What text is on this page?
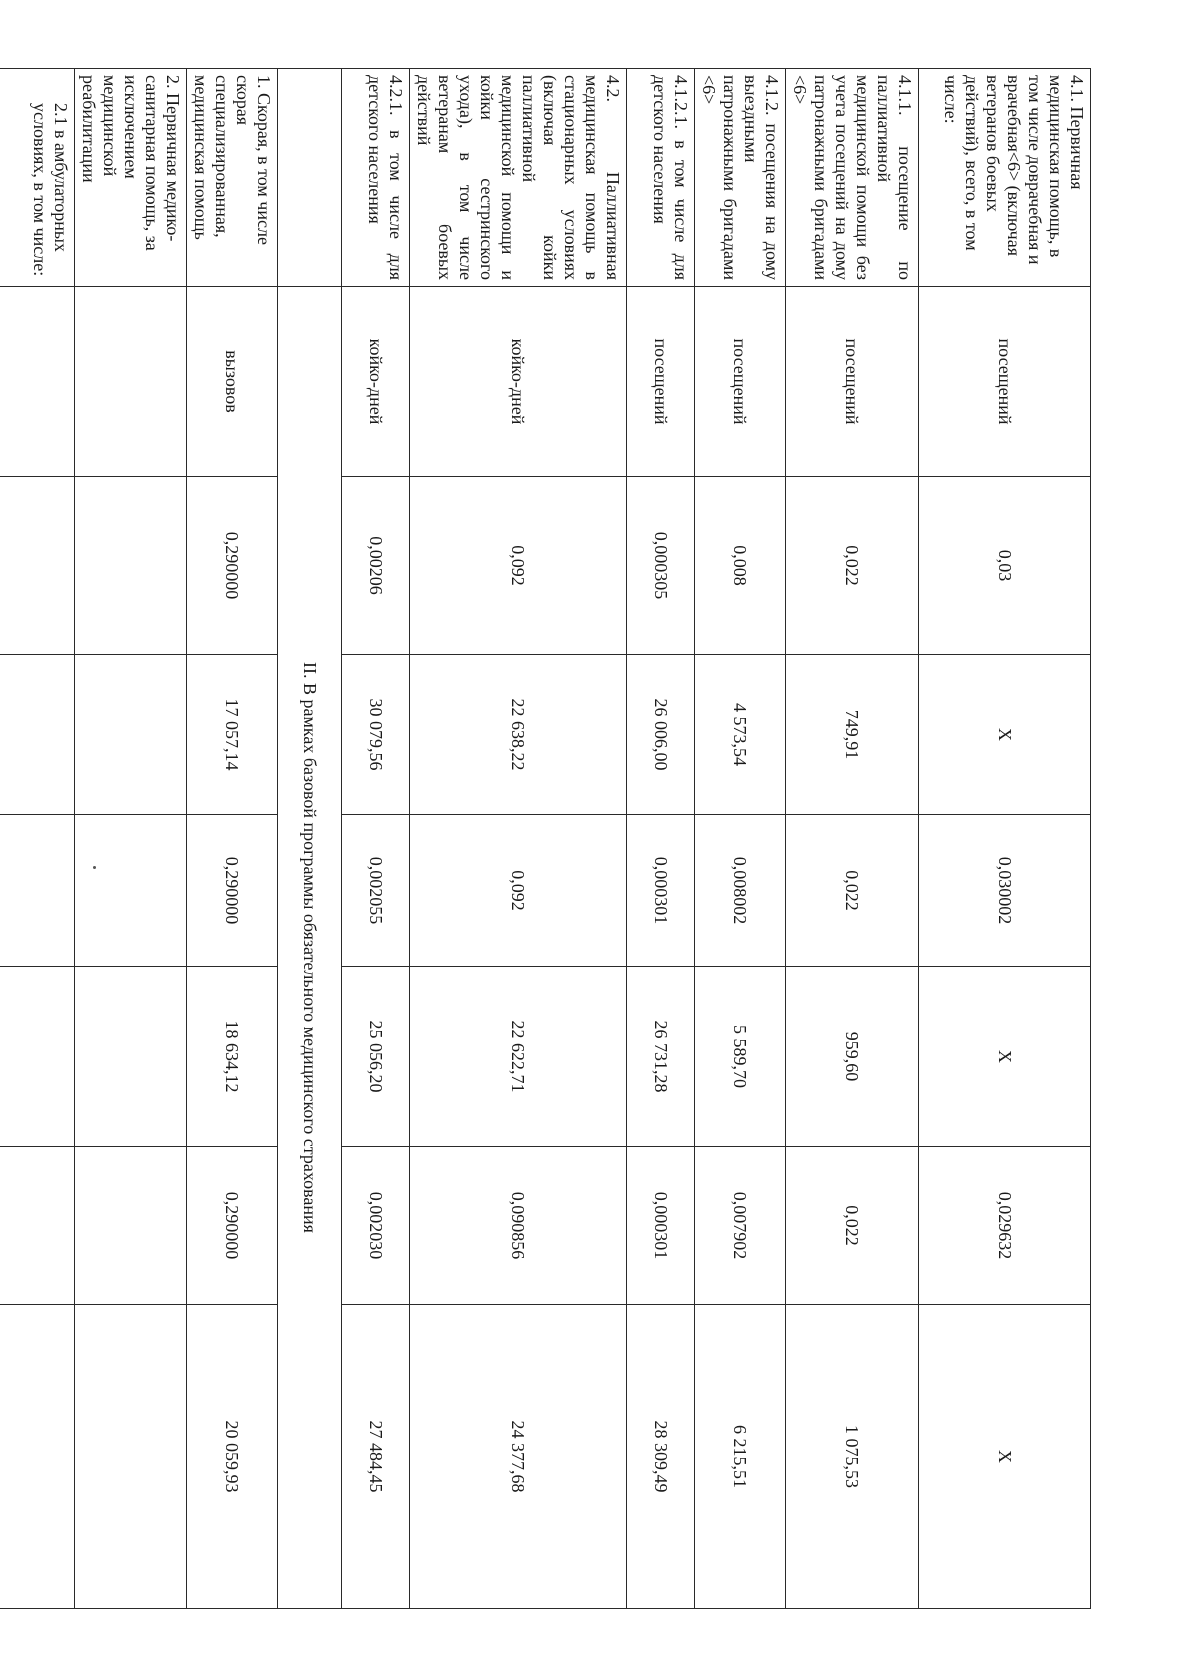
4.1. Первичная медицинская помощь, в том числе доврачебная и врачебная<6> (включая ветеранов боевых действий), всего, в том числе:	посещений	0,03	X	0,030002	X	0,029632	X
4.1.1. посещение по паллиативной медицинской помощи без учета посещений на дому патронажными бригадами <6>	посещений	0,022	749,91	0,022	959,60	0,022	1 075,53
4.1.2. посещения на дому выездными патронажными бригадами <6>	посещений	0,008	4 573,54	0,008002	5 589,70	0,007902	6 215,51
4.1.2.1. в том числе для детского населения	посещений	0,000305	26 006,00	0,000301	26 731,28	0,000301	28 309,49
4.2. Паллиативная медицинская помощь в стационарных условиях (включая койки паллиативной медицинской помощи и койки сестринского ухода), в том числе ветеранам боевых действий	койко-дней	0,092	22 638,22	0,092	22 622,71	0,090856	24 377,68
4.2.1. в том числе для детского населения	койко-дней	0,00206	30 079,56	0,002055	25 056,20	0,002030	27 484,45
	II. В рамках базовой программы обязательного медицинского страхования						
1. Скорая, в том числе скорая специализированная, медицинская помощь	вызовов	0,290000	17 057,14	0,290000	18 634,12	0,290000	20 059,93
2. Первичная медико-санитарная помощь, за исключением медицинской реабилитации							
2.1 в амбулаторных условиях, в том числе:							
